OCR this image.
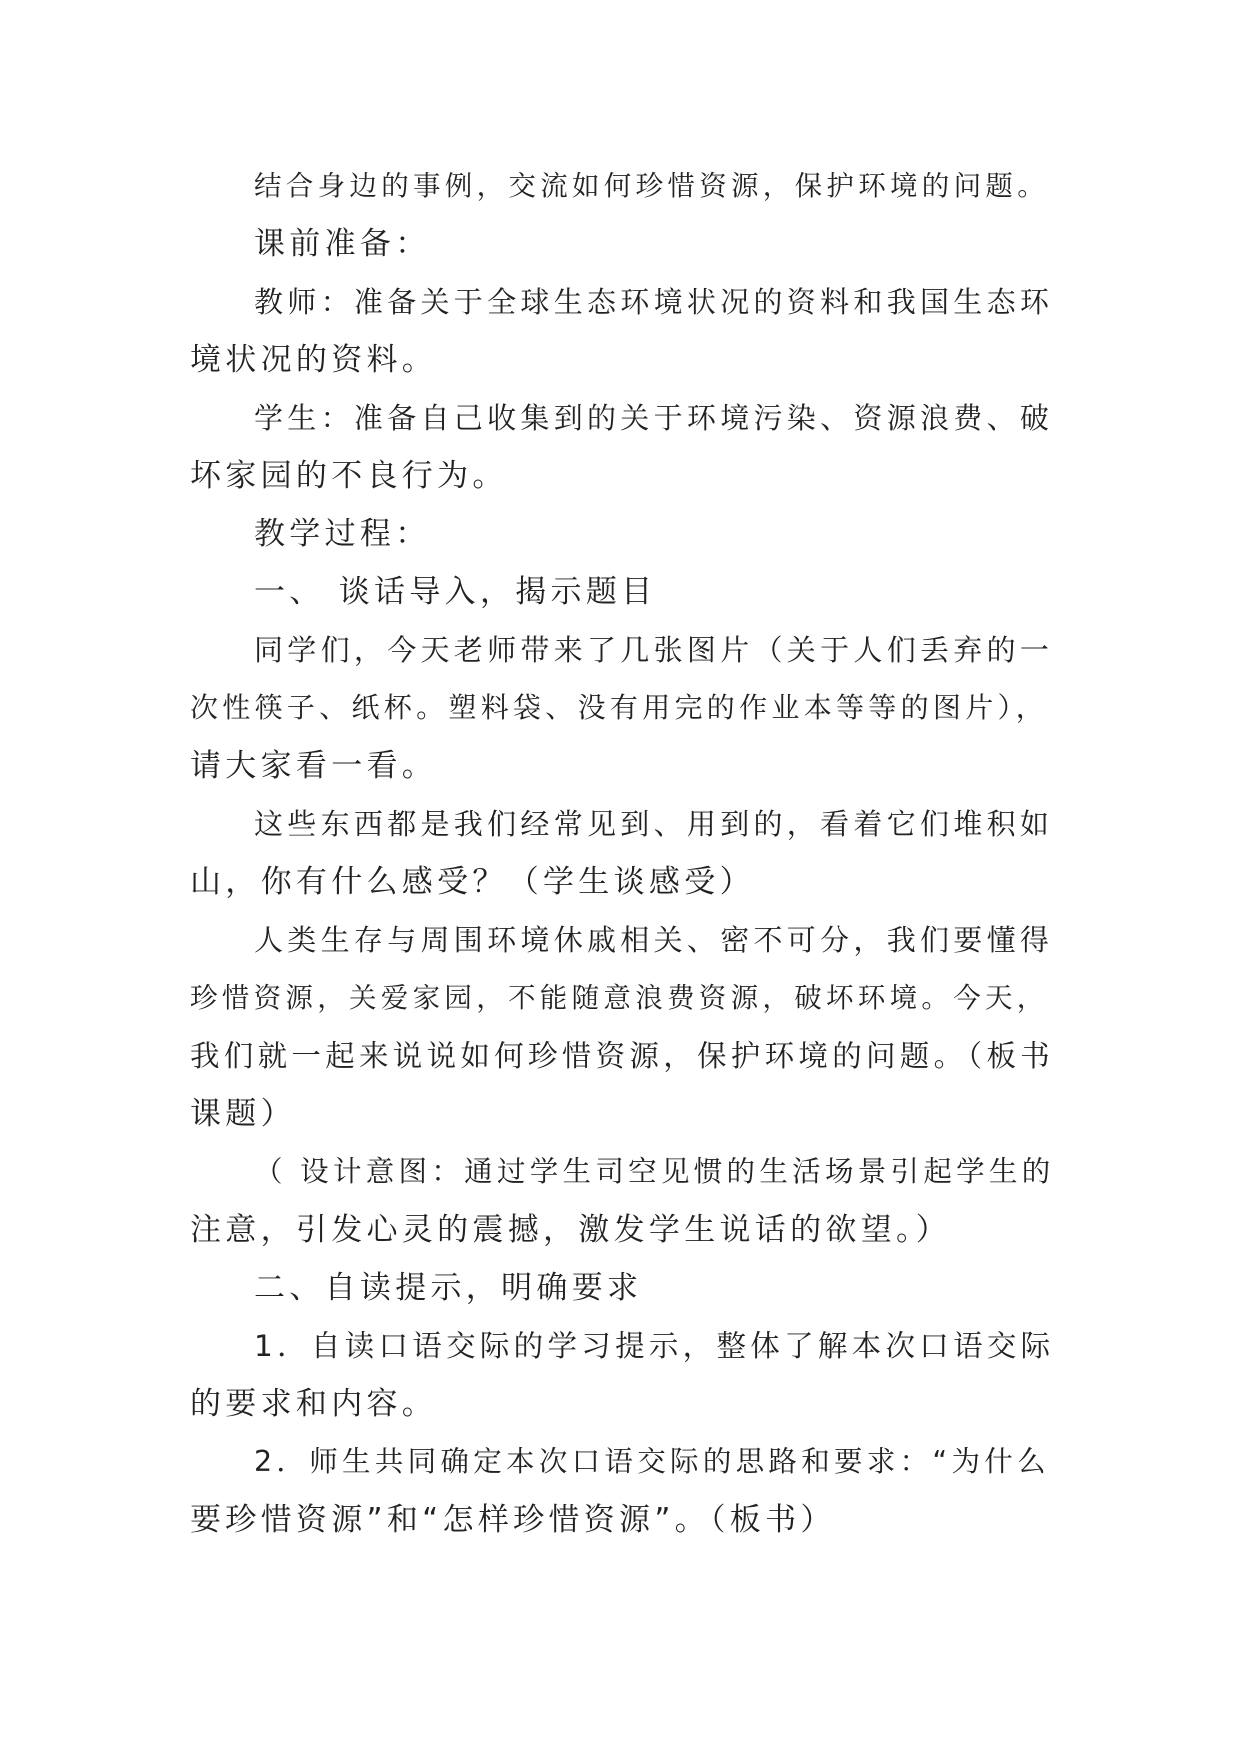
结合身边的事例，交流如何珍惜资源，保护环境的问题。
课前准备：
教师：准备关于全球生态环境状况的资料和我国生态环
境状况的资料。
学生：准备自己收集到的关于环境污染、资源浪费、破
坏家园的不良行为。
教学过程：
一、 谈话导入，揭示题目
同学们，今天老师带来了几张图片（关于人们丢弃的一
次性筷子、纸杯。塑料袋、没有用完的作业本等等的图片），
请大家看一看。
这些东西都是我们经常见到、用到的，看着它们堆积如
山，你有什么感受？（学生谈感受）
人类生存与周围环境休戚相关、密不可分，我们要懂得
珍惜资源，关爱家园，不能随意浪费资源，破坏环境。今天，
我们就一起来说说如何珍惜资源，保护环境的问题。（板书
课题）
（ 设计意图：通过学生司空见惯的生活场景引起学生的
注意，引发心灵的震撼，激发学生说话的欲望。）
二、自读提示，明确要求
1．自读口语交际的学习提示，整体了解本次口语交际
的要求和内容。
2．师生共同确定本次口语交际的思路和要求：“为什么
要珍惜资源”和“怎样珍惜资源”。（板书）
